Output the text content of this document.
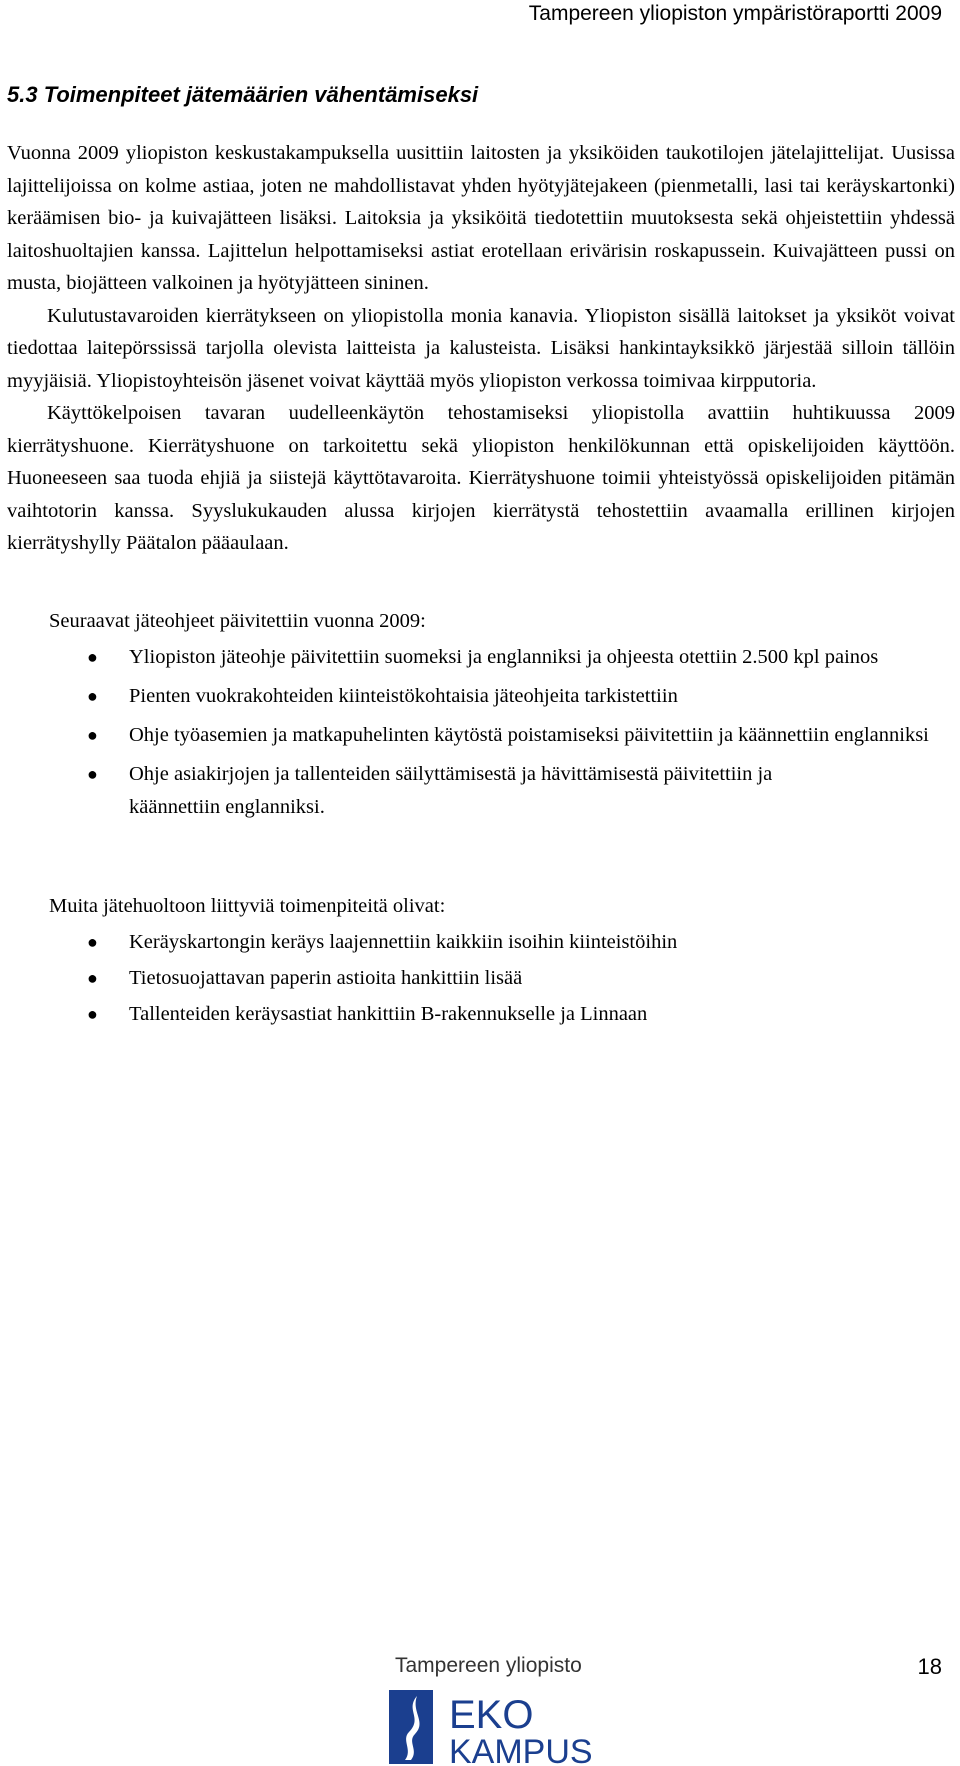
Tampereen yliopiston ympäristöraportti 2009
5.3 Toimenpiteet jätemäärien vähentämiseksi

Vuonna 2009 yliopiston keskustakampuksella uusittiin laitosten ja yksiköiden taukotilojen jätelajittelijat. Uusissa lajittelijoissa on kolme astiaa, joten ne mahdollistavat yhden hyötyjätejakeen (pienmetalli, lasi tai keräyskartonki) keräämisen bio- ja kuivajätteen lisäksi. Laitoksia ja yksiköitä tiedotettiin muutoksesta sekä ohjeistettiin yhdessä laitoshuoltajien kanssa. Lajittelun helpottamiseksi astiat erotellaan erivärisin roskapussein. Kuivajätteen pussi on musta, biojätteen valkoinen ja hyötyjätteen sininen.

Kulutustavaroiden kierrätykseen on yliopistolla monia kanavia. Yliopiston sisällä laitokset ja yksiköt voivat tiedottaa laitepörssissä tarjolla olevista laitteista ja kalusteista. Lisäksi hankintayksikkö järjestää silloin tällöin myyjäisiä. Yliopistoyhteisön jäsenet voivat käyttää myös yliopiston verkossa toimivaa kirpputoria.

Käyttökelpoisen tavaran uudelleenkäytön tehostamiseksi yliopistolla avattiin huhtikuussa 2009 kierrätyshuone. Kierrätyshuone on tarkoitettu sekä yliopiston henkilökunnan että opiskelijoiden käyttöön. Huoneeseen saa tuoda ehjiä ja siistejä käyttötavaroita. Kierrätyshuone toimii yhteistyössä opiskelijoiden pitämän vaihtotorin kanssa. Syyslukukauden alussa kirjojen kierrätystä tehostettiin avaamalla erillinen kirjojen kierrätyshylly Päätalon pääaulaan.

Seuraavat jäteohjeet päivitettiin vuonna 2009:

● Yliopiston jäteohje päivitettiin suomeksi ja englanniksi ja ohjeesta otettiin 2.500 kpl painos
● Pienten vuokrakohteiden kiinteistökohtaisia jäteohjeita tarkistettiin
● Ohje työasemien ja matkapuhelinten käytöstä poistamiseksi päivitettiin ja käännettiin englanniksi
● Ohje asiakirjojen ja tallenteiden säilyttämisestä ja hävittämisestä päivitettiin ja käännettiin englanniksi.

Muita jätehuoltoon liittyviä toimenpiteitä olivat:

● Keräyskartongin keräys laajennettiin kaikkiin isoihin kiinteistöihin
● Tietosuojattavan paperin astioita hankittiin lisää
● Tallenteiden keräysastiat hankittiin B-rakennukselle ja Linnaan
Tampereen yliopisto
EKO
KAMPUS
18
